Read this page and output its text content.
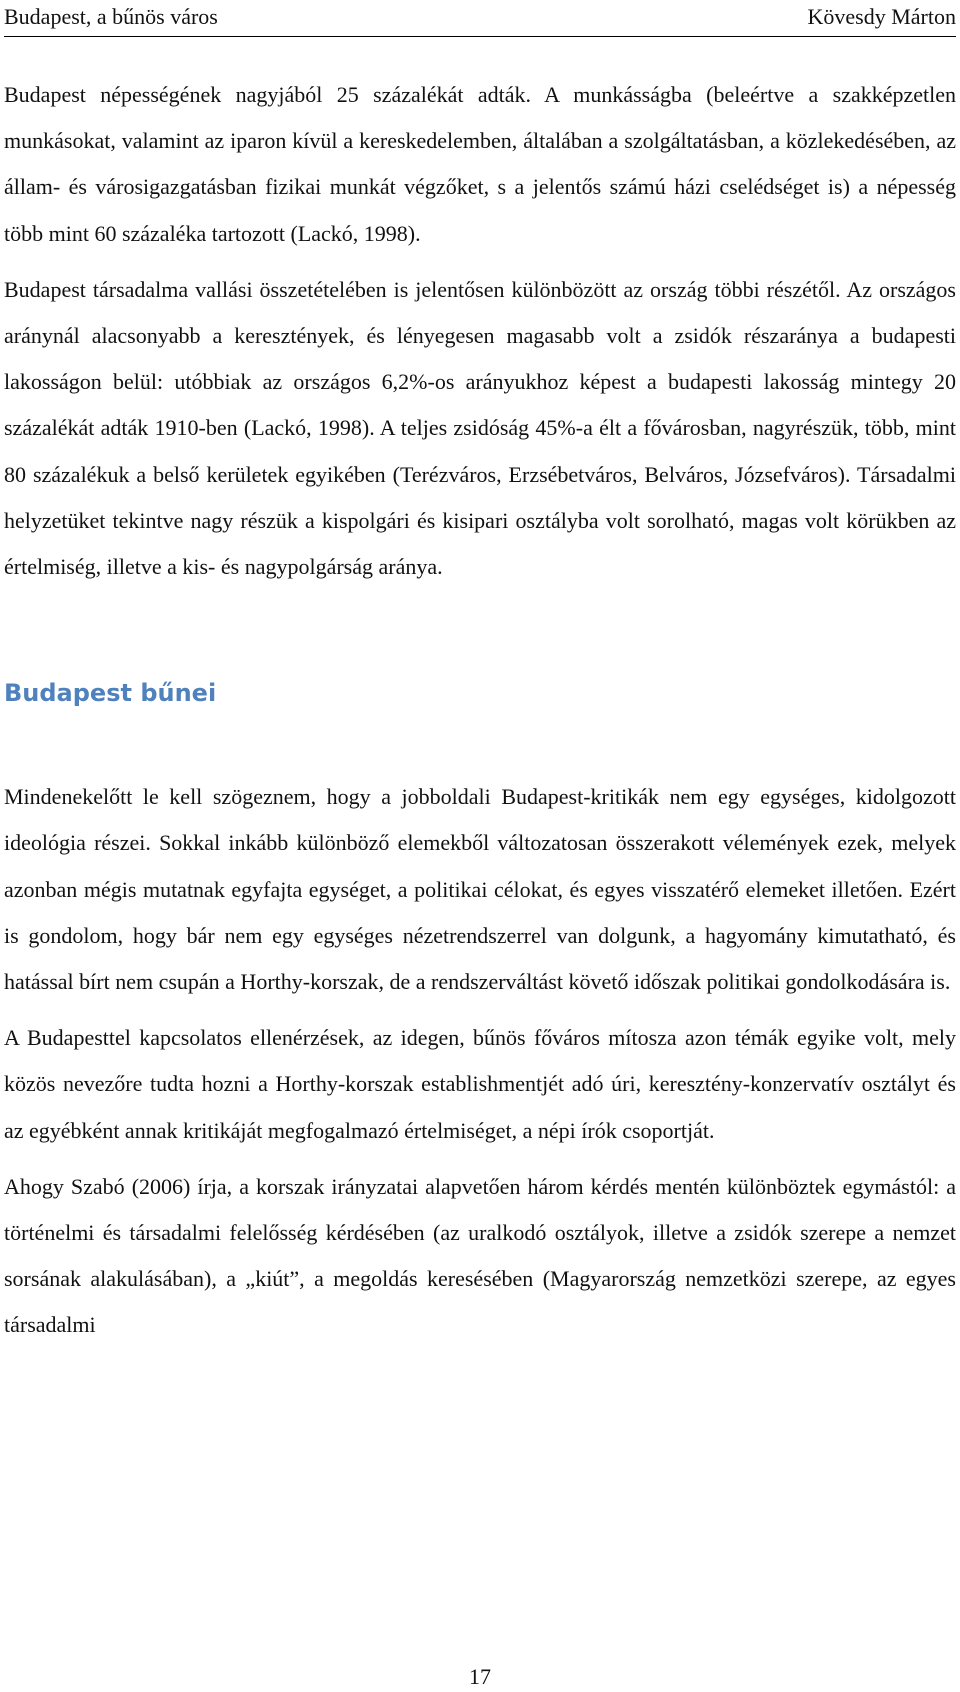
Budapest, a bűnös város	Kövesdy Márton

Budapest népességének nagyjából 25 százalékát adták. A munkásságba (beleértve a szakképzetlen munkásokat, valamint az iparon kívül a kereskedelemben, általában a szolgáltatásban, a közlekedésében, az állam- és városigazgatásban fizikai munkát végzőket, s a jelentős számú házi cselédséget is) a népesség több mint 60 százaléka tartozott (Lackó, 1998).

Budapest társadalma vallási összetételében is jelentősen különbözött az ország többi részétől. Az országos aránynál alacsonyabb a keresztények, és lényegesen magasabb volt a zsidók részaránya a budapesti lakosságon belül: utóbbiak az országos 6,2%-os arányukhoz képest a budapesti lakosság mintegy 20 százalékát adták 1910-ben (Lackó, 1998). A teljes zsidóság 45%-a élt a fővárosban, nagyrészük, több, mint 80 százalékuk a belső kerületek egyikében (Terézváros, Erzsébetváros, Belváros, Józsefváros). Társadalmi helyzetüket tekintve nagy részük a kispolgári és kisipari osztályba volt sorolható, magas volt körükben az értelmiség, illetve a kis- és nagypolgárság aránya.

Budapest bűnei

Mindenekelőtt le kell szögeznem, hogy a jobboldali Budapest-kritikák nem egy egységes, kidolgozott ideológia részei. Sokkal inkább különböző elemekből változatosan összerakott vélemények ezek, melyek azonban mégis mutatnak egyfajta egységet, a politikai célokat, és egyes visszatérő elemeket illetően. Ezért is gondolom, hogy bár nem egy egységes nézetrendszerrel van dolgunk, a hagyomány kimutatható, és hatással bírt nem csupán a Horthy-korszak, de a rendszerváltást követő időszak politikai gondolkodására is.

A Budapesttel kapcsolatos ellenérzések, az idegen, bűnös főváros mítosza azon témák egyike volt, mely közös nevezőre tudta hozni a Horthy-korszak establishmentjét adó úri, keresztény-konzervatív osztályt és az egyébként annak kritikáját megfogalmazó értelmiséget, a népi írók csoportját.

Ahogy Szabó (2006) írja, a korszak irányzatai alapvetően három kérdés mentén különböztek egymástól: a történelmi és társadalmi felelősség kérdésében (az uralkodó osztályok, illetve a zsidók szerepe a nemzet sorsának alakulásában), a „kiút”, a megoldás keresésében (Magyarország nemzetközi szerepe, az egyes társadalmi

17
